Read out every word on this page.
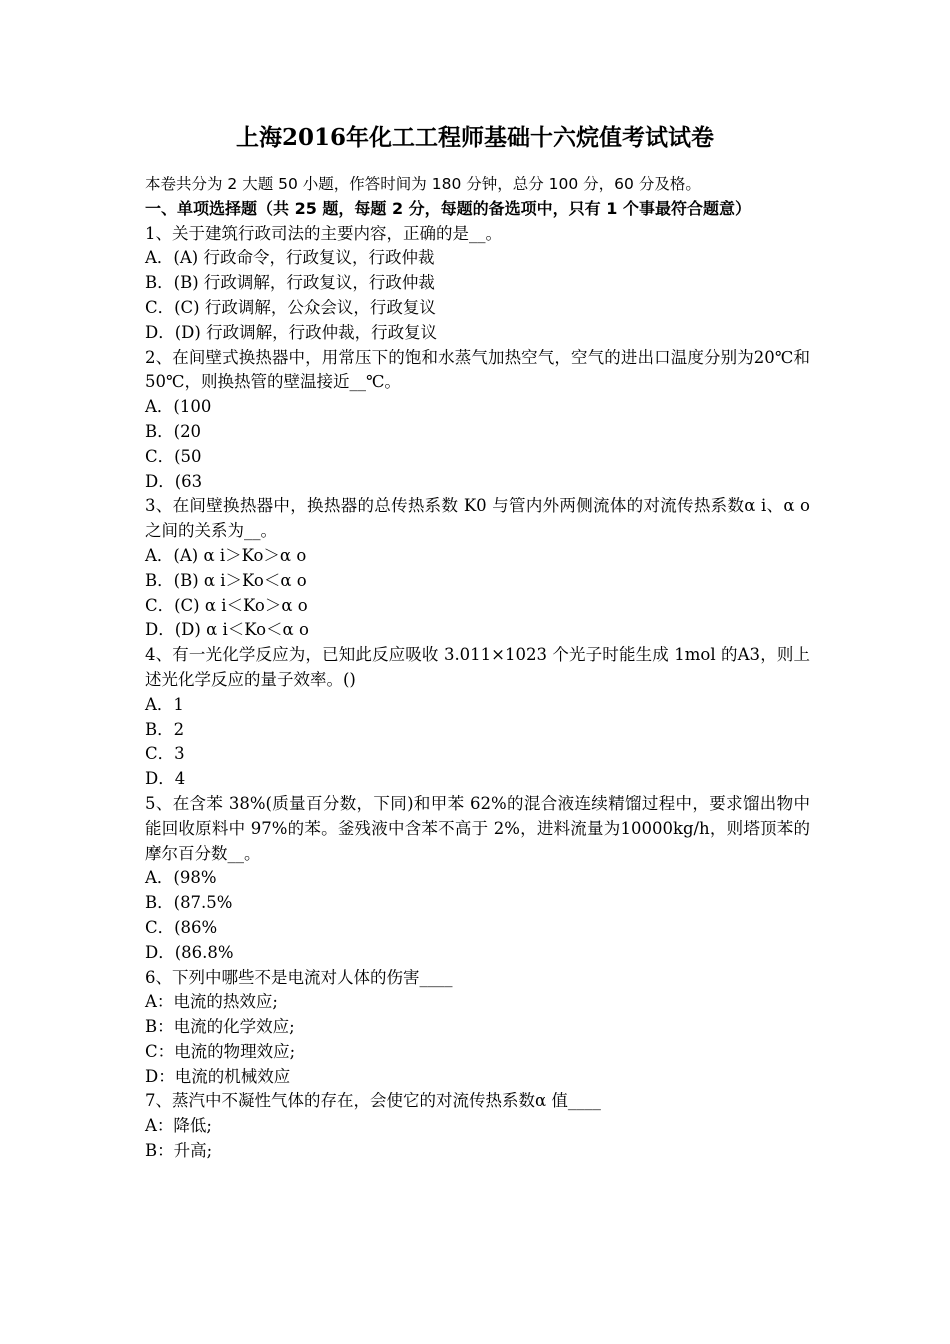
上海2016年化工工程师基础十六烷值考试试卷

本卷共分为 2 大题 50 小题，作答时间为 180 分钟，总分 100 分，60 分及格。

一、单项选择题（共 25 题，每题 2 分，每题的备选项中，只有 1 个事最符合题意）

1、关于建筑行政司法的主要内容，正确的是__。

A．(A) 行政命令，行政复议，行政仲裁

B．(B) 行政调解，行政复议，行政仲裁

C．(C) 行政调解，公众会议，行政复议

D．(D) 行政调解，行政仲裁，行政复议

2、在间壁式换热器中，用常压下的饱和水蒸气加热空气，空气的进出口温度分别为20℃和50℃，则换热管的壁温接近__℃。

A．(100

B．(20

C．(50

D．(63

3、在间壁换热器中，换热器的总传热系数 K0 与管内外两侧流体的对流传热系数α i、α o之间的关系为__。

A．(A) α i＞Ko＞α o

B．(B) α i＞Ko＜α o

C．(C) α i＜Ko＞α o

D．(D) α i＜Ko＜α o

4、有一光化学反应为，已知此反应吸收 3.011×1023 个光子时能生成 1mol 的A3，则上述光化学反应的量子效率。()

A．1

B．2

C．3

D．4

5、在含苯 38%(质量百分数，下同)和甲苯 62%的混合液连续精馏过程中，要求馏出物中能回收原料中 97%的苯。釜残液中含苯不高于 2%，进料流量为10000kg/h，则塔顶苯的摩尔百分数__。

A．(98%

B．(87.5%

C．(86%

D．(86.8%

6、下列中哪些不是电流对人体的伤害____

A：电流的热效应;

B：电流的化学效应;

C：电流的物理效应;

D：电流的机械效应

7、蒸汽中不凝性气体的存在，会使它的对流传热系数α 值____

A：降低;

B：升高;
